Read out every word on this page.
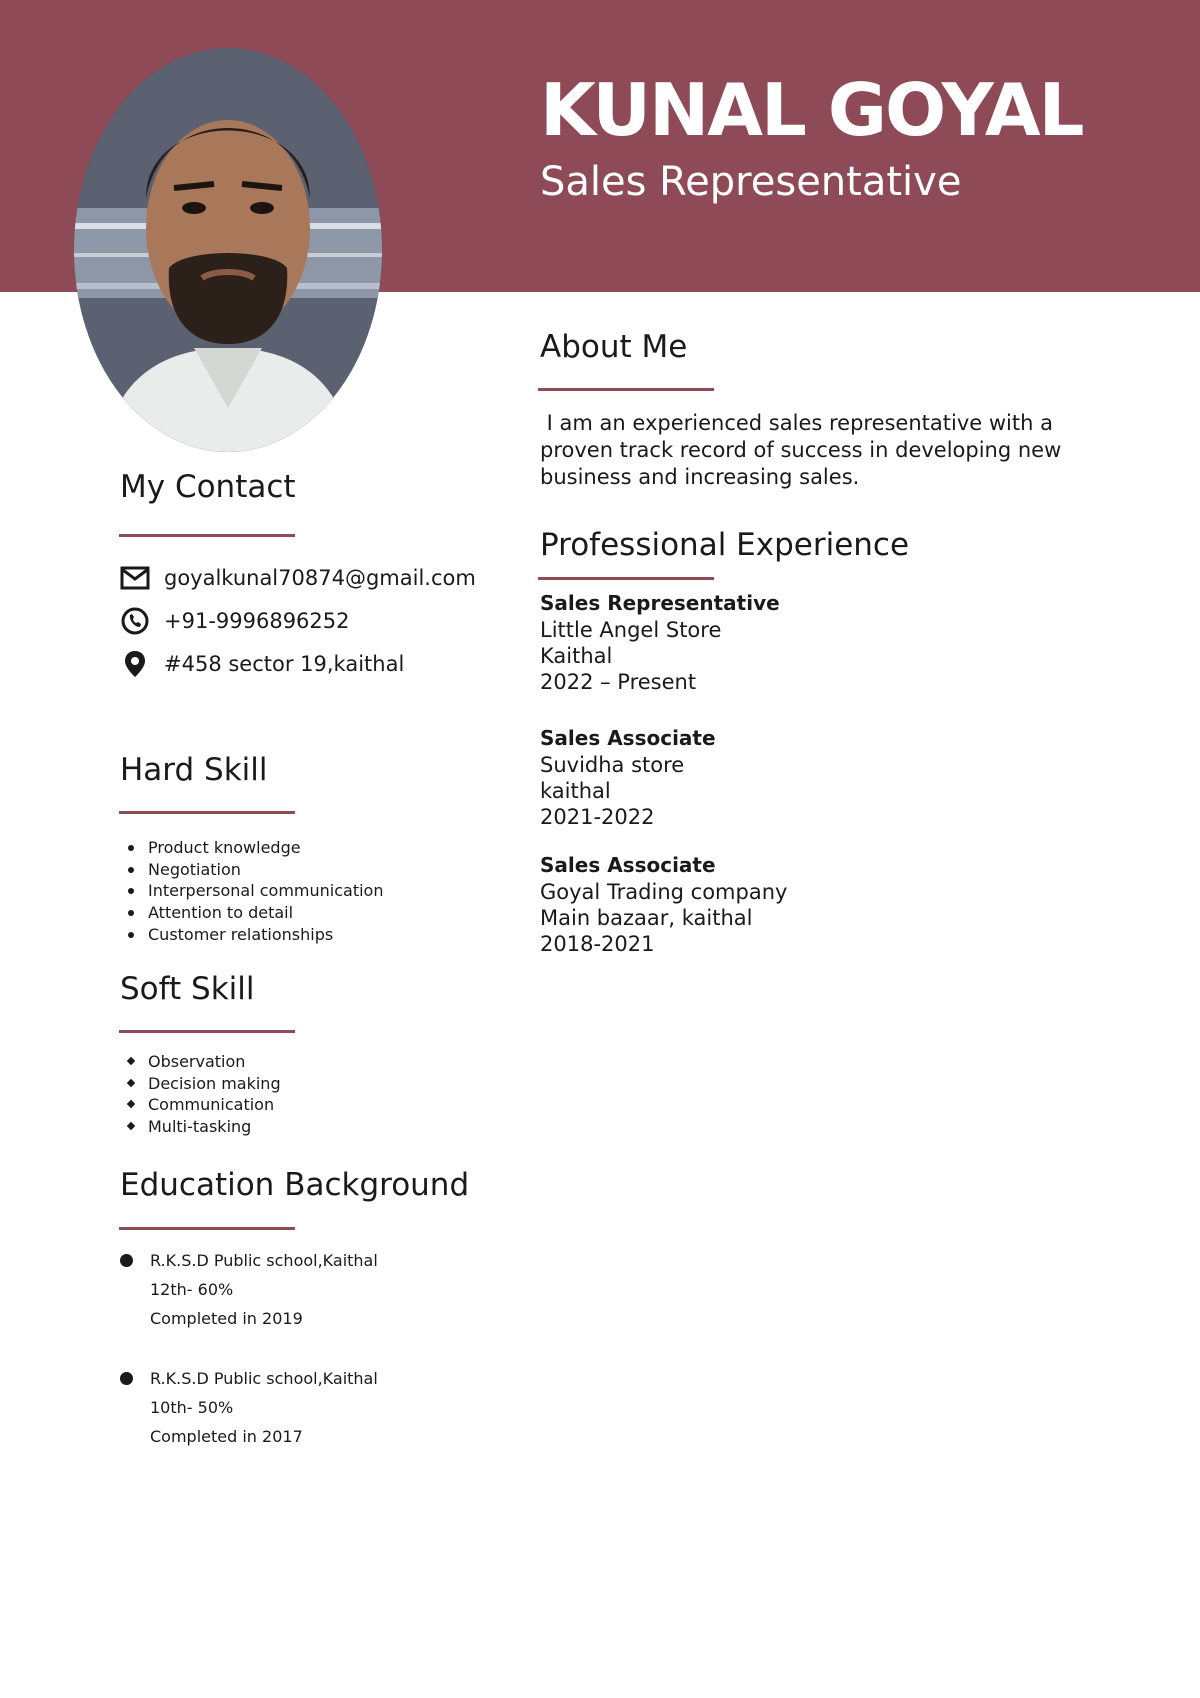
KUNAL GOYAL
Sales Representative
My Contact
goyalkunal70874@gmail.com
+91-9996896252
#458 sector 19,kaithal
Hard Skill
Product knowledge
Negotiation
Interpersonal communication
Attention to detail
Customer relationships
Soft Skill
Observation
Decision making
Communication
Multi-tasking
Education Background
R.K.S.D Public school,Kaithal
12th- 60%
Completed in 2019
R.K.S.D Public school,Kaithal
10th- 50%
Completed in 2017
About Me
I am an experienced sales representative with a
proven track record of success in developing new
business and increasing sales.
Professional Experience
Sales Representative
Little Angel Store
Kaithal
2022 – Present
Sales Associate
Suvidha store
kaithal
2021-2022
Sales Associate
Goyal Trading company
Main bazaar, kaithal
2018-2021
